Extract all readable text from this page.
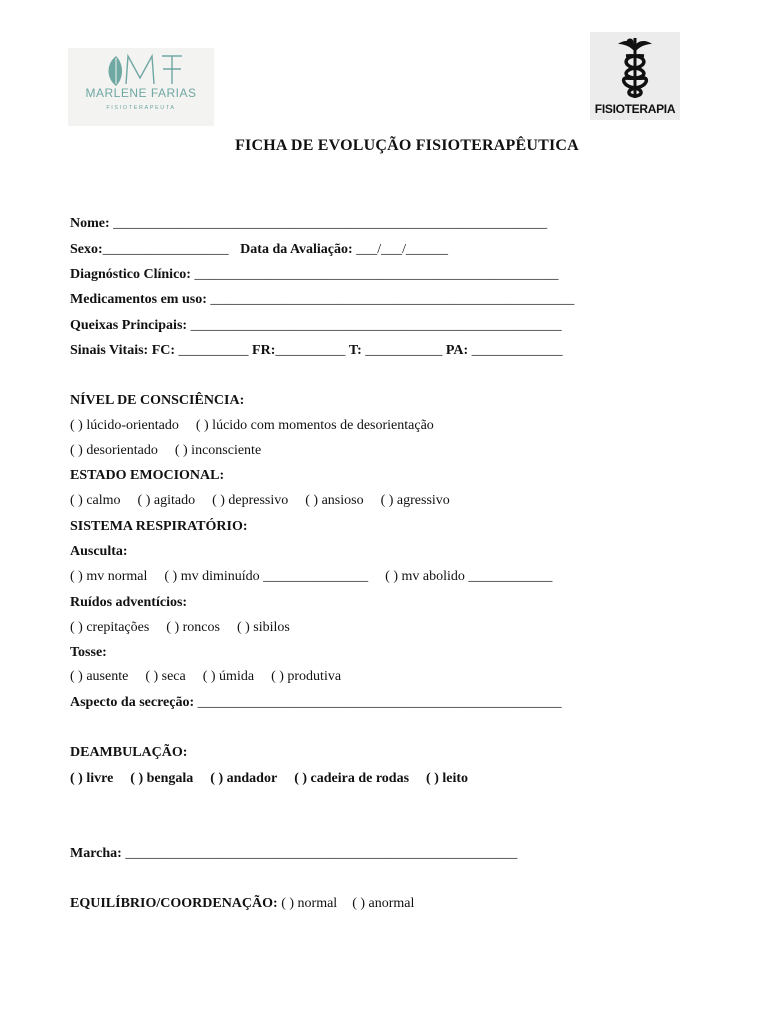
MARLENE FARIAS
FISIOTERAPEUTA	FISIOTERAPIA
FICHA DE EVOLUÇÃO FISIOTERAPÊUTICA
Nome: ______________________________________________________________
Sexo:__________________ Data da Avaliação: ___/___/______
Diagnóstico Clínico: ____________________________________________________
Medicamentos em uso: ____________________________________________________
Queixas Principais: _____________________________________________________
Sinais Vitais: FC: __________ FR:__________ T: ___________ PA: _____________
NÍVEL DE CONSCIÊNCIA:
( ) lúcido-orientado ( ) lúcido com momentos de desorientação
( ) desorientado ( ) inconsciente
ESTADO EMOCIONAL:
( ) calmo ( ) agitado ( ) depressivo ( ) ansioso ( ) agressivo
SISTEMA RESPIRATÓRIO:
Ausculta:
( ) mv normal ( ) mv diminuído _______________ ( ) mv abolido ____________
Ruídos adventícios:
( ) crepitações ( ) roncos ( ) sibilos
Tosse:
( ) ausente ( ) seca ( ) úmida ( ) produtiva
Aspecto da secreção: ____________________________________________________
DEAMBULAÇÃO:
( ) livre ( ) bengala ( ) andador ( ) cadeira de rodas ( ) leito
Marcha: ________________________________________________________
EQUILÍBRIO/COORDENAÇÃO: ( ) normal ( ) anormal
